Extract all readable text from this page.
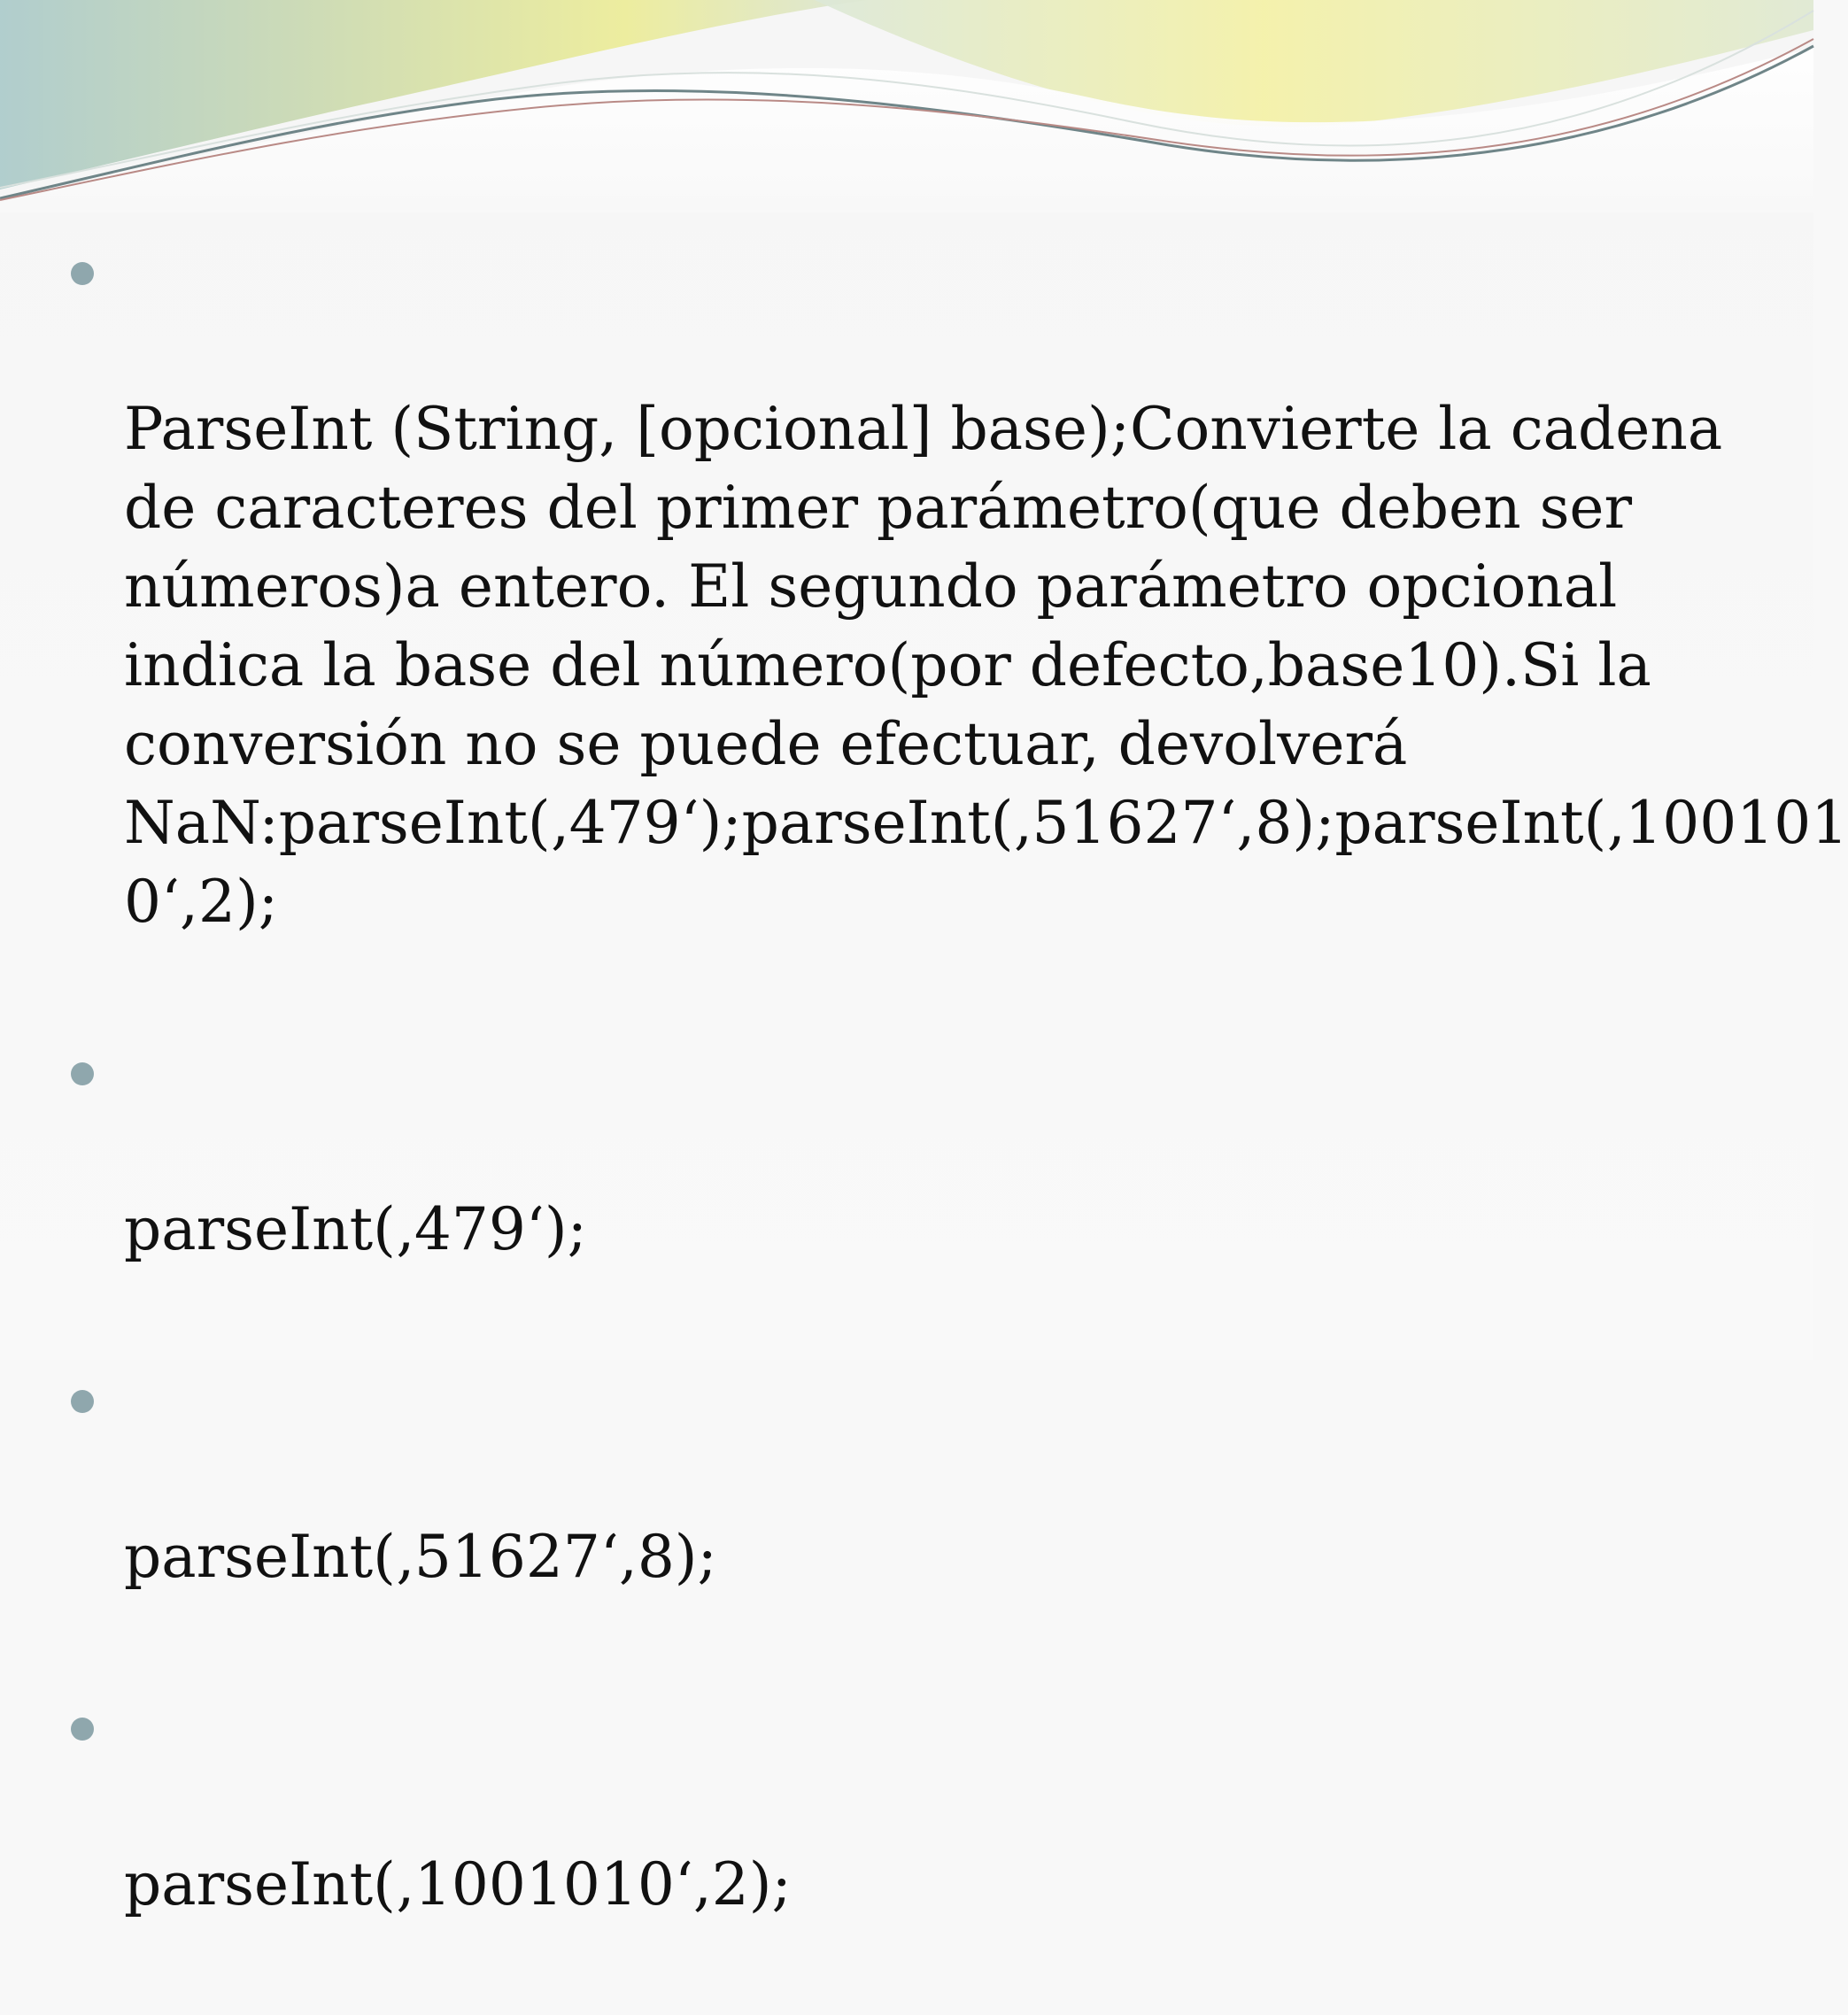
ParseInt (String, [opcional] base);Convierte la cadena
de caracteres del primer parámetro(que deben ser
números)a entero. El segundo parámetro opcional
indica la base del número(por defecto,base10).Si la
conversión no se puede efectuar, devolverá
NaN:parseInt(‚479‘);parseInt(‚51627‘,8);parseInt(‚100101
0‘,2);

parseInt(‚479‘);

parseInt(‚51627‘,8);

parseInt(‚1001010‘,2);
